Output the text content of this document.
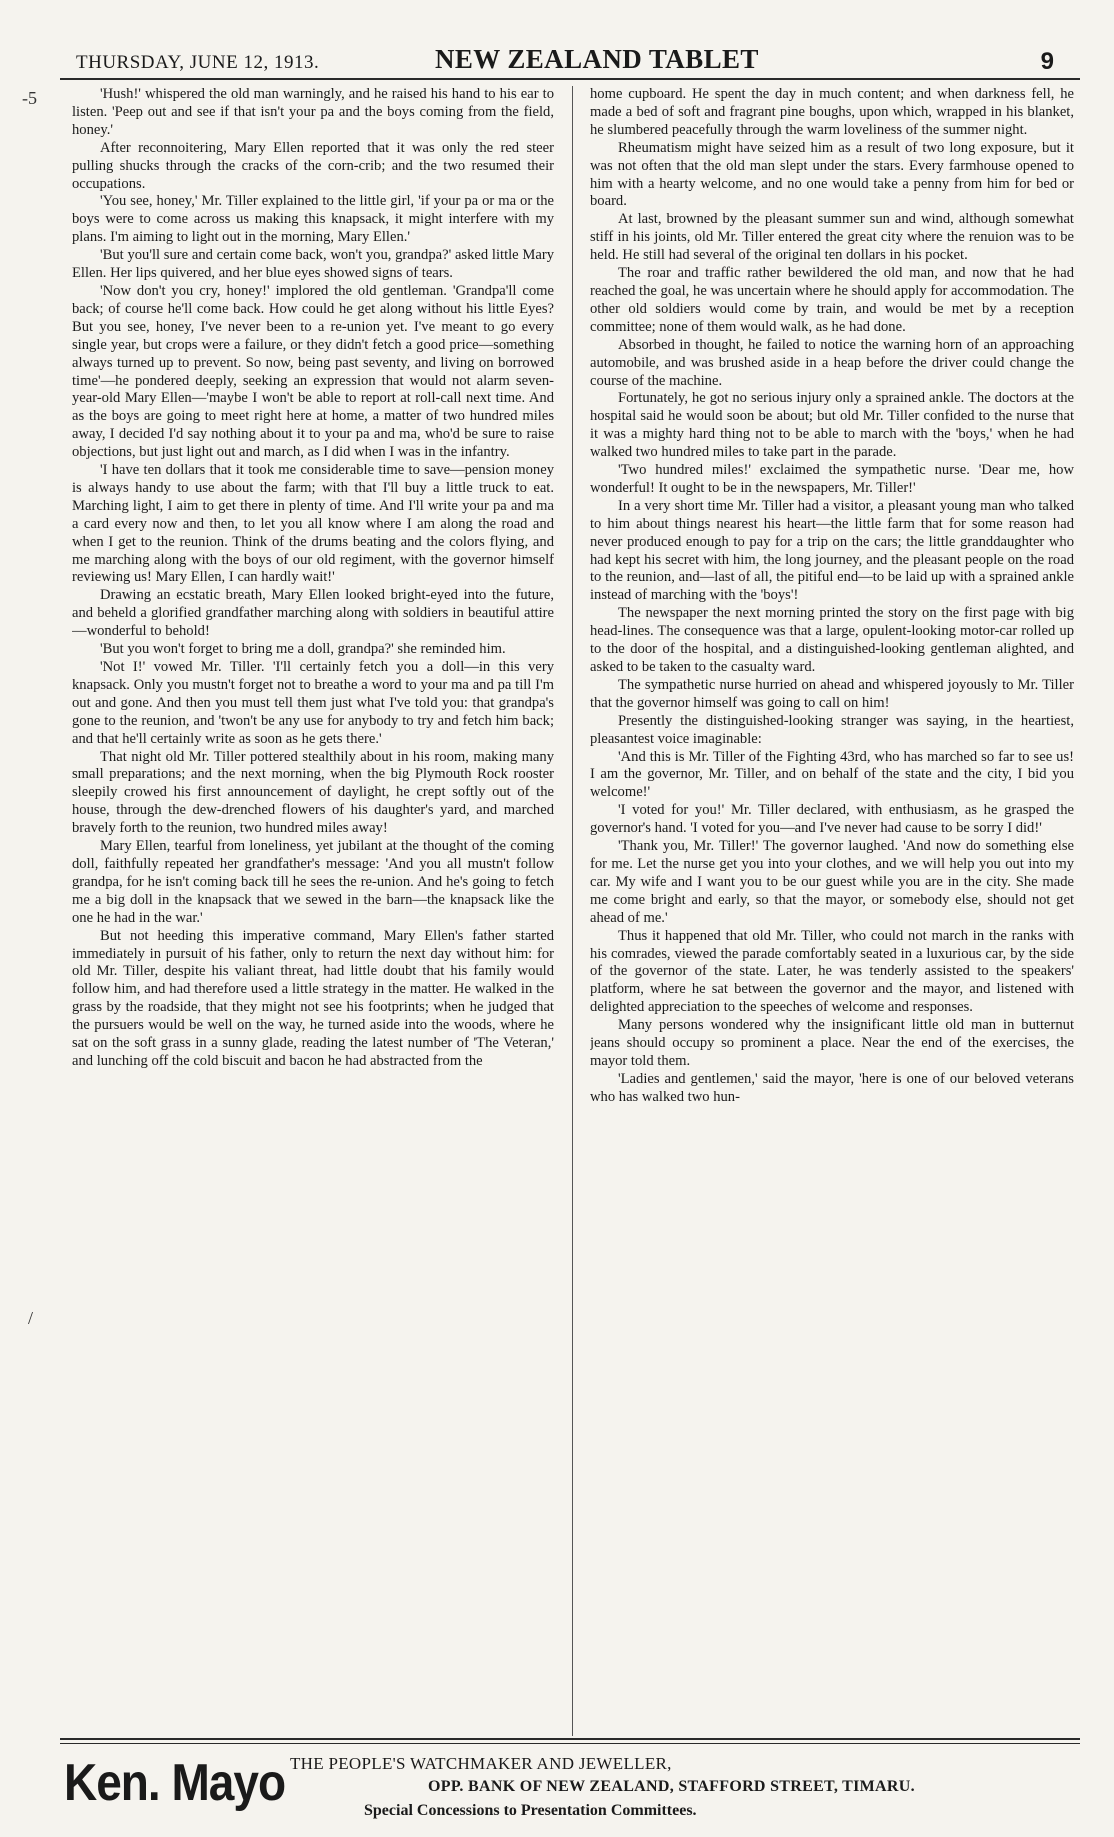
THURSDAY, JUNE 12, 1913.	NEW ZEALAND TABLET	9
-5
/

'Hush!' whispered the old man warningly, and he raised his hand to his ear to listen. 'Peep out and see if that isn't your pa and the boys coming from the field, honey.'

After reconnoitering, Mary Ellen reported that it was only the red steer pulling shucks through the cracks of the corn-crib; and the two resumed their occupations.

'You see, honey,' Mr. Tiller explained to the little girl, 'if your pa or ma or the boys were to come across us making this knapsack, it might interfere with my plans. I'm aiming to light out in the morning, Mary Ellen.'

'But you'll sure and certain come back, won't you, grandpa?' asked little Mary Ellen. Her lips quivered, and her blue eyes showed signs of tears.

'Now don't you cry, honey!' implored the old gentleman. 'Grandpa'll come back; of course he'll come back. How could he get along without his little Eyes? But you see, honey, I've never been to a re-union yet. I've meant to go every single year, but crops were a failure, or they didn't fetch a good price—something always turned up to prevent. So now, being past seventy, and living on borrowed time'—he pondered deeply, seeking an expression that would not alarm seven-year-old Mary Ellen—'maybe I won't be able to report at roll-call next time. And as the boys are going to meet right here at home, a matter of two hundred miles away, I decided I'd say nothing about it to your pa and ma, who'd be sure to raise objections, but just light out and march, as I did when I was in the infantry.

'I have ten dollars that it took me considerable time to save—pension money is always handy to use about the farm; with that I'll buy a little truck to eat. Marching light, I aim to get there in plenty of time. And I'll write your pa and ma a card every now and then, to let you all know where I am along the road and when I get to the reunion. Think of the drums beating and the colors flying, and me marching along with the boys of our old regiment, with the governor himself reviewing us! Mary Ellen, I can hardly wait!'

Drawing an ecstatic breath, Mary Ellen looked bright-eyed into the future, and beheld a glorified grandfather marching along with soldiers in beautiful attire—wonderful to behold!

'But you won't forget to bring me a doll, grandpa?' she reminded him.

'Not I!' vowed Mr. Tiller. 'I'll certainly fetch you a doll—in this very knapsack. Only you mustn't forget not to breathe a word to your ma and pa till I'm out and gone. And then you must tell them just what I've told you: that grandpa's gone to the reunion, and 'twon't be any use for anybody to try and fetch him back; and that he'll certainly write as soon as he gets there.'

That night old Mr. Tiller pottered stealthily about in his room, making many small preparations; and the next morning, when the big Plymouth Rock rooster sleepily crowed his first announcement of daylight, he crept softly out of the house, through the dew-drenched flowers of his daughter's yard, and marched bravely forth to the reunion, two hundred miles away!

Mary Ellen, tearful from loneliness, yet jubilant at the thought of the coming doll, faithfully repeated her grandfather's message: 'And you all mustn't follow grandpa, for he isn't coming back till he sees the re-union. And he's going to fetch me a big doll in the knapsack that we sewed in the barn—the knapsack like the one he had in the war.'

But not heeding this imperative command, Mary Ellen's father started immediately in pursuit of his father, only to return the next day without him: for old Mr. Tiller, despite his valiant threat, had little doubt that his family would follow him, and had therefore used a little strategy in the matter. He walked in the grass by the roadside, that they might not see his footprints; when he judged that the pursuers would be well on the way, he turned aside into the woods, where he sat on the soft grass in a sunny glade, reading the latest number of 'The Veteran,' and lunching off the cold biscuit and bacon he had abstracted from the

home cupboard. He spent the day in much content; and when darkness fell, he made a bed of soft and fragrant pine boughs, upon which, wrapped in his blanket, he slumbered peacefully through the warm loveliness of the summer night.

Rheumatism might have seized him as a result of two long exposure, but it was not often that the old man slept under the stars. Every farmhouse opened to him with a hearty welcome, and no one would take a penny from him for bed or board.

At last, browned by the pleasant summer sun and wind, although somewhat stiff in his joints, old Mr. Tiller entered the great city where the renuion was to be held. He still had several of the original ten dollars in his pocket.

The roar and traffic rather bewildered the old man, and now that he had reached the goal, he was uncertain where he should apply for accommodation. The other old soldiers would come by train, and would be met by a reception committee; none of them would walk, as he had done.

Absorbed in thought, he failed to notice the warning horn of an approaching automobile, and was brushed aside in a heap before the driver could change the course of the machine.

Fortunately, he got no serious injury only a sprained ankle. The doctors at the hospital said he would soon be about; but old Mr. Tiller confided to the nurse that it was a mighty hard thing not to be able to march with the 'boys,' when he had walked two hundred miles to take part in the parade.

'Two hundred miles!' exclaimed the sympathetic nurse. 'Dear me, how wonderful! It ought to be in the newspapers, Mr. Tiller!'

In a very short time Mr. Tiller had a visitor, a pleasant young man who talked to him about things nearest his heart—the little farm that for some reason had never produced enough to pay for a trip on the cars; the little granddaughter who had kept his secret with him, the long journey, and the pleasant people on the road to the reunion, and—last of all, the pitiful end—to be laid up with a sprained ankle instead of marching with the 'boys'!

The newspaper the next morning printed the story on the first page with big head-lines. The consequence was that a large, opulent-looking motor-car rolled up to the door of the hospital, and a distinguished-looking gentleman alighted, and asked to be taken to the casualty ward.

The sympathetic nurse hurried on ahead and whispered joyously to Mr. Tiller that the governor himself was going to call on him!

Presently the distinguished-looking stranger was saying, in the heartiest, pleasantest voice imaginable:

'And this is Mr. Tiller of the Fighting 43rd, who has marched so far to see us! I am the governor, Mr. Tiller, and on behalf of the state and the city, I bid you welcome!'

'I voted for you!' Mr. Tiller declared, with enthusiasm, as he grasped the governor's hand. 'I voted for you—and I've never had cause to be sorry I did!'

'Thank you, Mr. Tiller!' The governor laughed. 'And now do something else for me. Let the nurse get you into your clothes, and we will help you out into my car. My wife and I want you to be our guest while you are in the city. She made me come bright and early, so that the mayor, or somebody else, should not get ahead of me.'

Thus it happened that old Mr. Tiller, who could not march in the ranks with his comrades, viewed the parade comfortably seated in a luxurious car, by the side of the governor of the state. Later, he was tenderly assisted to the speakers' platform, where he sat between the governor and the mayor, and listened with delighted appreciation to the speeches of welcome and responses.

Many persons wondered why the insignificant little old man in butternut jeans should occupy so prominent a place. Near the end of the exercises, the mayor told them.

'Ladies and gentlemen,' said the mayor, 'here is one of our beloved veterans who has walked two hun-

Ken. Mayo THE PEOPLE'S WATCHMAKER AND JEWELLER,
OPP. BANK OF NEW ZEALAND, STAFFORD STREET, TIMARU.
Special Concessions to Presentation Committees.
